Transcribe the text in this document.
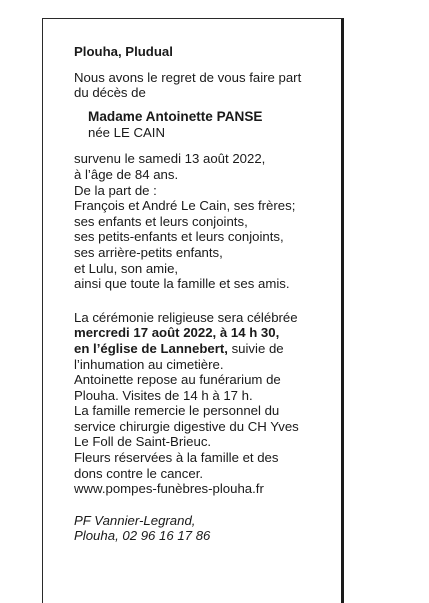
Plouha, Pludual
Nous avons le regret de vous faire part
du décès de
Madame Antoinette PANSE
née LE CAIN
survenu le samedi 13 août 2022,
à l’âge de 84 ans.
De la part de :
François et André Le Cain, ses frères;
ses enfants et leurs conjoints,
ses petits-enfants et leurs conjoints,
ses arrière-petits enfants,
et Lulu, son amie,
ainsi que toute la famille et ses amis.
La cérémonie religieuse sera célébrée
mercredi 17 août 2022, à 14 h 30,
en l’église de Lannebert, suivie de
l’inhumation au cimetière.
Antoinette repose au funérarium de
Plouha. Visites de 14 h à 17 h.
La famille remercie le personnel du
service chirurgie digestive du CH Yves
Le Foll de Saint-Brieuc.
Fleurs réservées à la famille et des
dons contre le cancer.
www.pompes-funèbres-plouha.fr
PF Vannier-Legrand,
Plouha, 02 96 16 17 86
